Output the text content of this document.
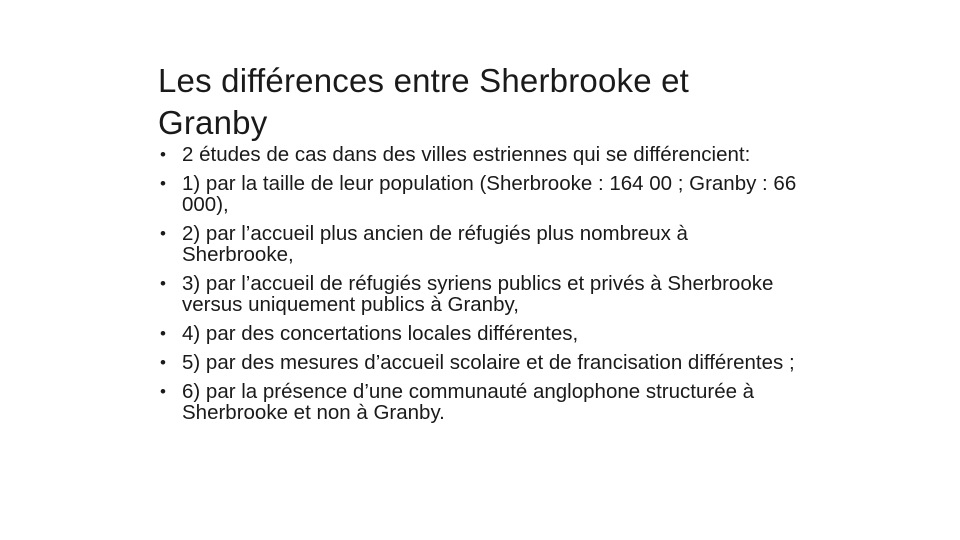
Les différences entre Sherbrooke et Granby
• 2 études de cas dans des villes estriennes qui se différencient:
• 1) par la taille de leur population (Sherbrooke : 164 00 ; Granby : 66 000),
• 2) par l’accueil plus ancien de réfugiés plus nombreux à Sherbrooke,
• 3) par l’accueil de réfugiés syriens publics et privés à Sherbrooke versus uniquement publics à Granby,
• 4) par des concertations locales différentes,
• 5) par des mesures d’accueil scolaire et de francisation différentes ;
• 6) par la présence d’une communauté anglophone structurée à Sherbrooke et non à Granby.
